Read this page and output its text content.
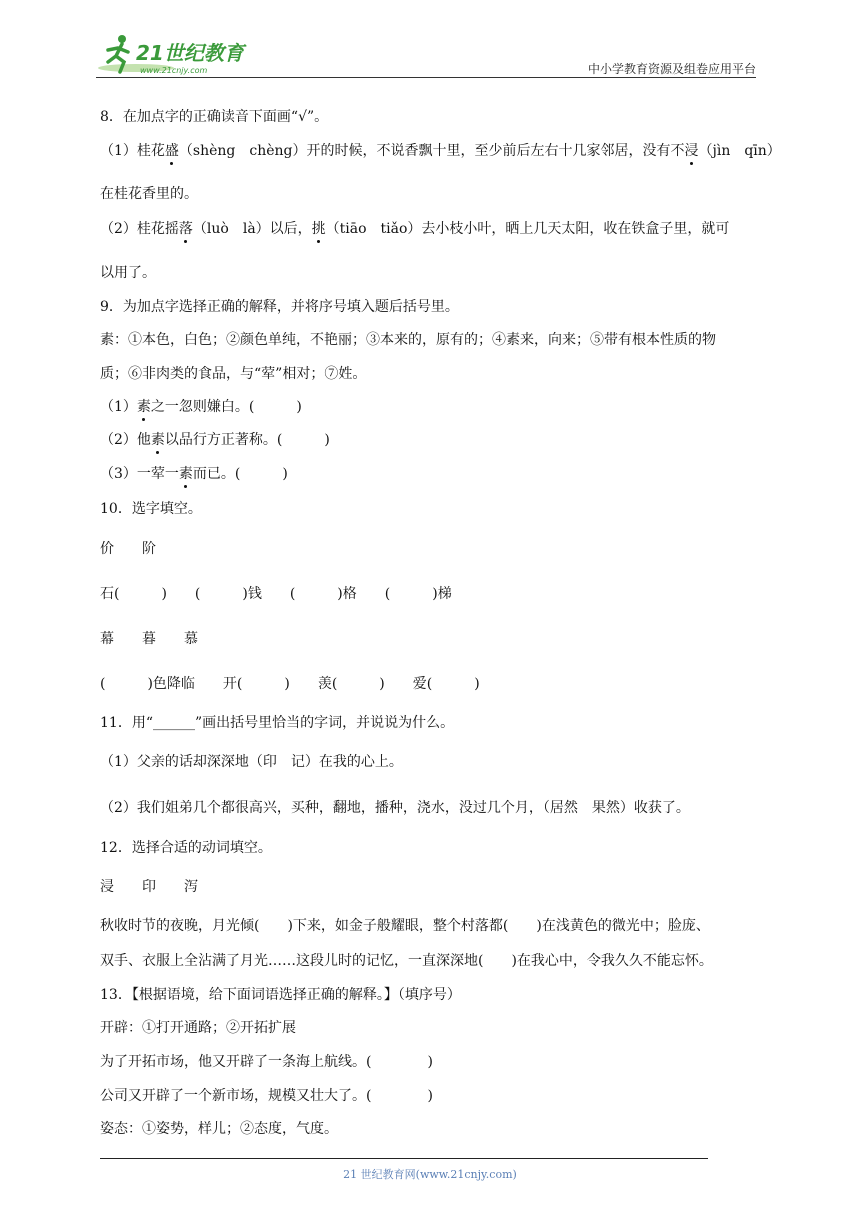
21世纪教育
www.21cnjy.com	中小学教育资源及组卷应用平台
8．在加点字的正确读音下面画“√”。
（1）桂花盛（shèng　chèng）开的时候，不说香飘十里，至少前后左右十几家邻居，没有不浸（jìn　qīn）
在桂花香里的。
（2）桂花摇落（luò　là）以后，挑（tiāo　tiǎo）去小枝小叶，晒上几天太阳，收在铁盒子里，就可
以用了。
9．为加点字选择正确的解释，并将序号填入题后括号里。
素：①本色，白色；②颜色单纯，不艳丽；③本来的，原有的；④素来，向来；⑤带有根本性质的物
质；⑥非肉类的食品，与“荤”相对；⑦姓。
（1）素之一忽则嫌白。(　　　)
（2）他素以品行方正著称。(　　　)
（3）一荤一素而已。(　　　)
10．选字填空。
价　　阶
石(　　　)　　(　　　)钱　　(　　　)格　　(　　　)梯
幕　　暮　　慕
(　　　)色降临　　开(　　　)　　羡(　　　)　　爱(　　　)
11．用“______”画出括号里恰当的字词，并说说为什么。
（1）父亲的话却深深地（印　记）在我的心上。
（2）我们姐弟几个都很高兴，买种，翻地，播种，浇水，没过几个月，（居然　果然）收获了。
12．选择合适的动词填空。
浸　　印　　泻
秋收时节的夜晚，月光倾(　　)下来，如金子般耀眼，整个村落都(　　)在浅黄色的微光中；脸庞、
双手、衣服上全沾满了月光……这段儿时的记忆，一直深深地(　　)在我心中，令我久久不能忘怀。
13．【根据语境，给下面词语选择正确的解释。】（填序号）
开辟：①打开通路；②开拓扩展
为了开拓市场，他又开辟了一条海上航线。(　　　　)
公司又开辟了一个新市场，规模又壮大了。(　　　　)
姿态：①姿势，样儿；②态度，气度。
21 世纪教育网(www.21cnjy.com)
